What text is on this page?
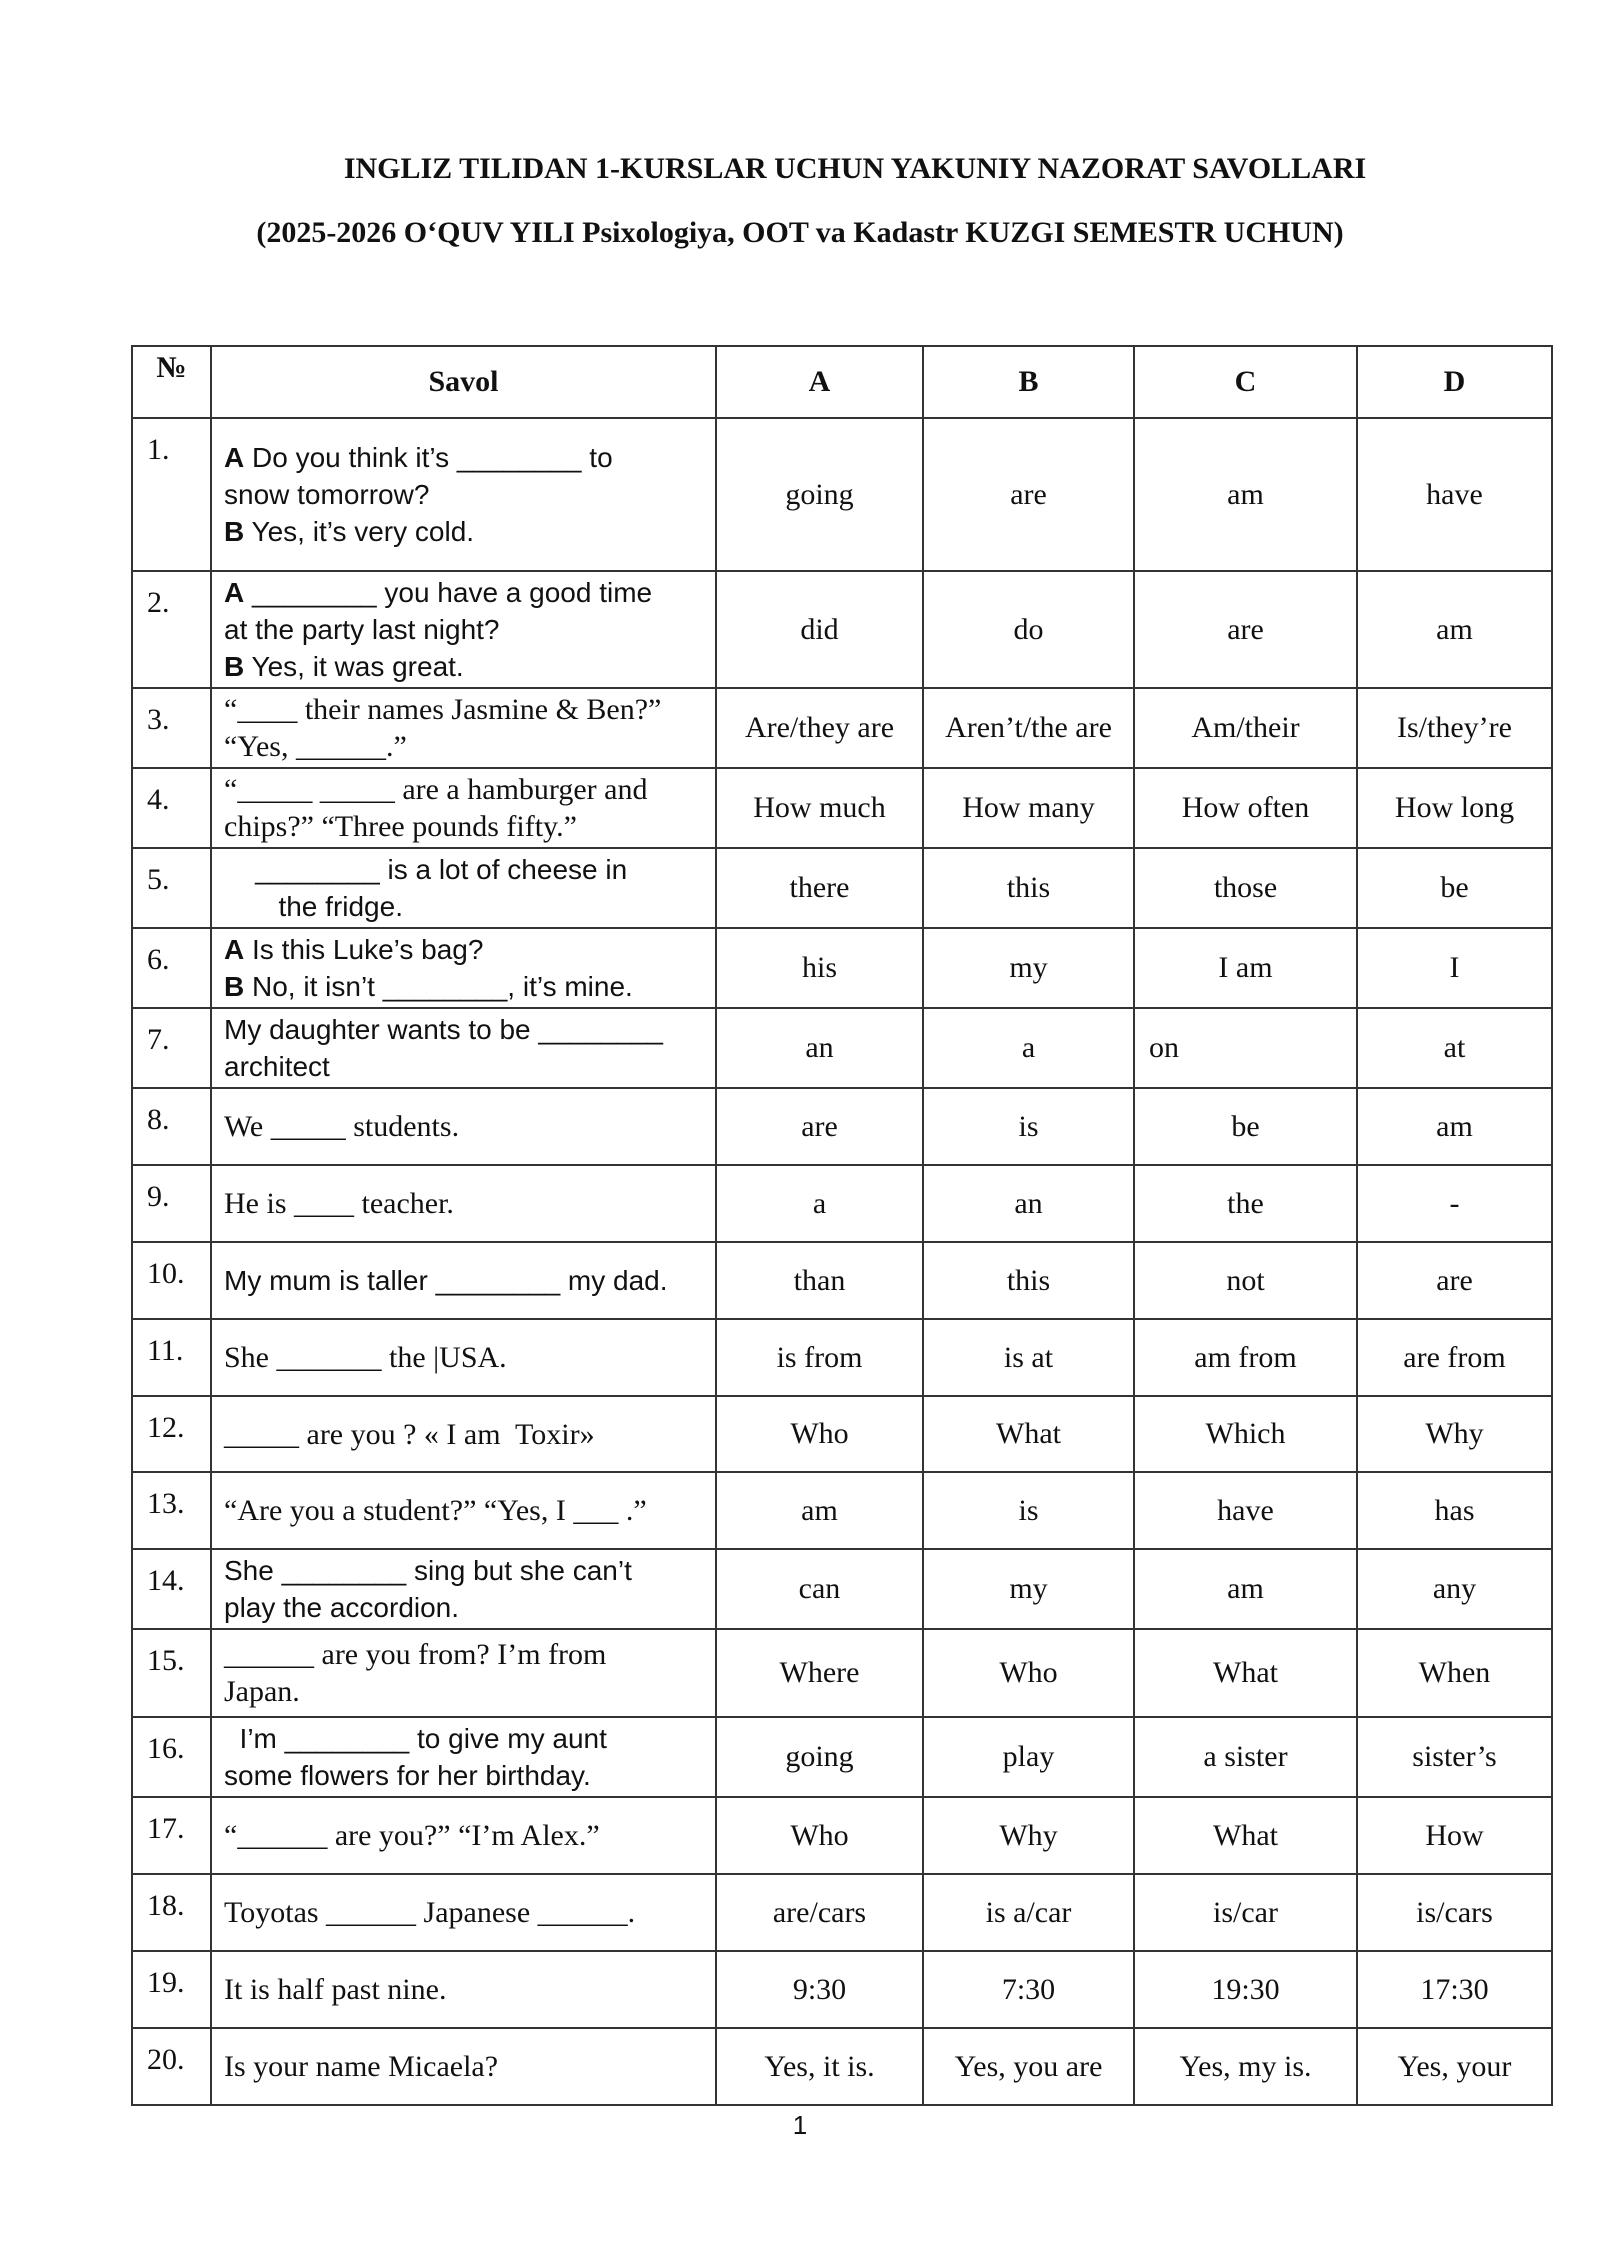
INGLIZ TILIDAN 1-KURSLAR UCHUN YAKUNIY NAZORAT SAVOLLARI
(2025-2026 O‘QUV YILI Psixologiya, OOT va Kadastr KUZGI SEMESTR UCHUN)
№	Savol	A	B	C	D
1.	A Do you think it’s ________ to
snow tomorrow?
B Yes, it’s very cold.	going	are	am	have
2.	A ________ you have a good time
at the party last night?
B Yes, it was great.	did	do	are	am
3.	“____ their names Jasmine & Ben?”
“Yes, ______.”	Are/they are	Aren’t/the are	Am/their	Is/they’re
4.	“_____ _____ are a hamburger and
chips?” “Three pounds fifty.”	How much	How many	How often	How long
5.	________ is a lot of cheese in
the fridge.	there	this	those	be
6.	A Is this Luke’s bag?
B No, it isn’t ________, it’s mine.	his	my	I am	I
7.	My daughter wants to be ________
architect	an	a	on	at
8.	We _____ students.	are	is	be	am
9.	He is ____ teacher.	a	an	the	-
10.	My mum is taller ________ my dad.	than	this	not	are
11.	She _______ the |USA.	is from	is at	am from	are from
12.	_____ are you ? « I am  Toxir»	Who	What	Which	Why
13.	“Are you a student?” “Yes, I ___ .”	am	is	have	has
14.	She ________ sing but she can’t
play the accordion.	can	my	am	any
15.	______ are you from? I’m from
Japan.	Where	Who	What	When
16.	I’m ________ to give my aunt
some flowers for her birthday.	going	play	a sister	sister’s
17.	“______ are you?” “I’m Alex.”	Who	Why	What	How
18.	Toyotas ______ Japanese ______.	are/cars	is a/car	is/car	is/cars
19.	It is half past nine.	9:30	7:30	19:30	17:30
20.	Is your name Micaela?	Yes, it is.	Yes, you are	Yes, my is.	Yes, your
1
